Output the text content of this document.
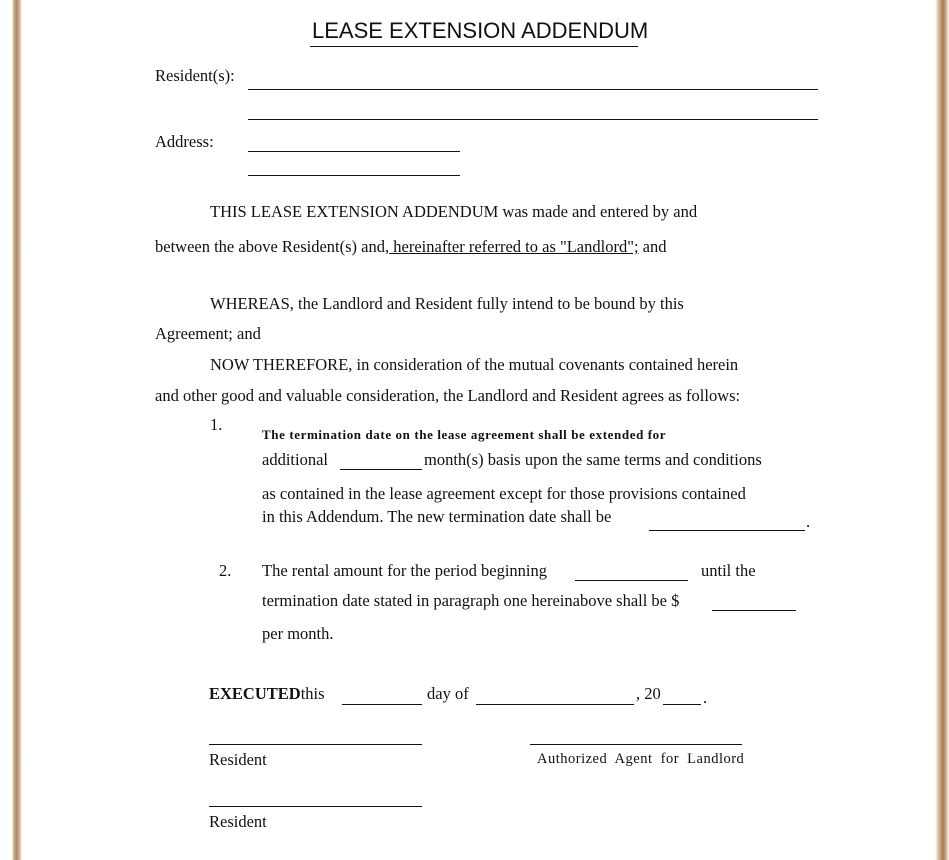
LEASE EXTENSION ADDENDUM
Resident(s):
Address:
THIS LEASE EXTENSION ADDENDUM was made and entered by and
between the above Resident(s) and, hereinafter referred to as "Landlord"; and
WHEREAS, the Landlord and Resident fully intend to be bound by this
Agreement; and
NOW THEREFORE, in consideration of the mutual covenants contained herein
and other good and valuable consideration, the Landlord and Resident agrees as follows:
1.
The termination date on the lease agreement shall be extended for
additional	month(s) basis upon the same terms and conditions
as contained in the lease agreement except for those provisions contained
in this Addendum. The new termination date shall be	.
2. The rental amount for the period beginning	until the
termination date stated in paragraph one hereinabove shall be $
per month.
EXECUTEDthis	day of	, 20	.
Resident	Authorized Agent for Landlord
Resident
